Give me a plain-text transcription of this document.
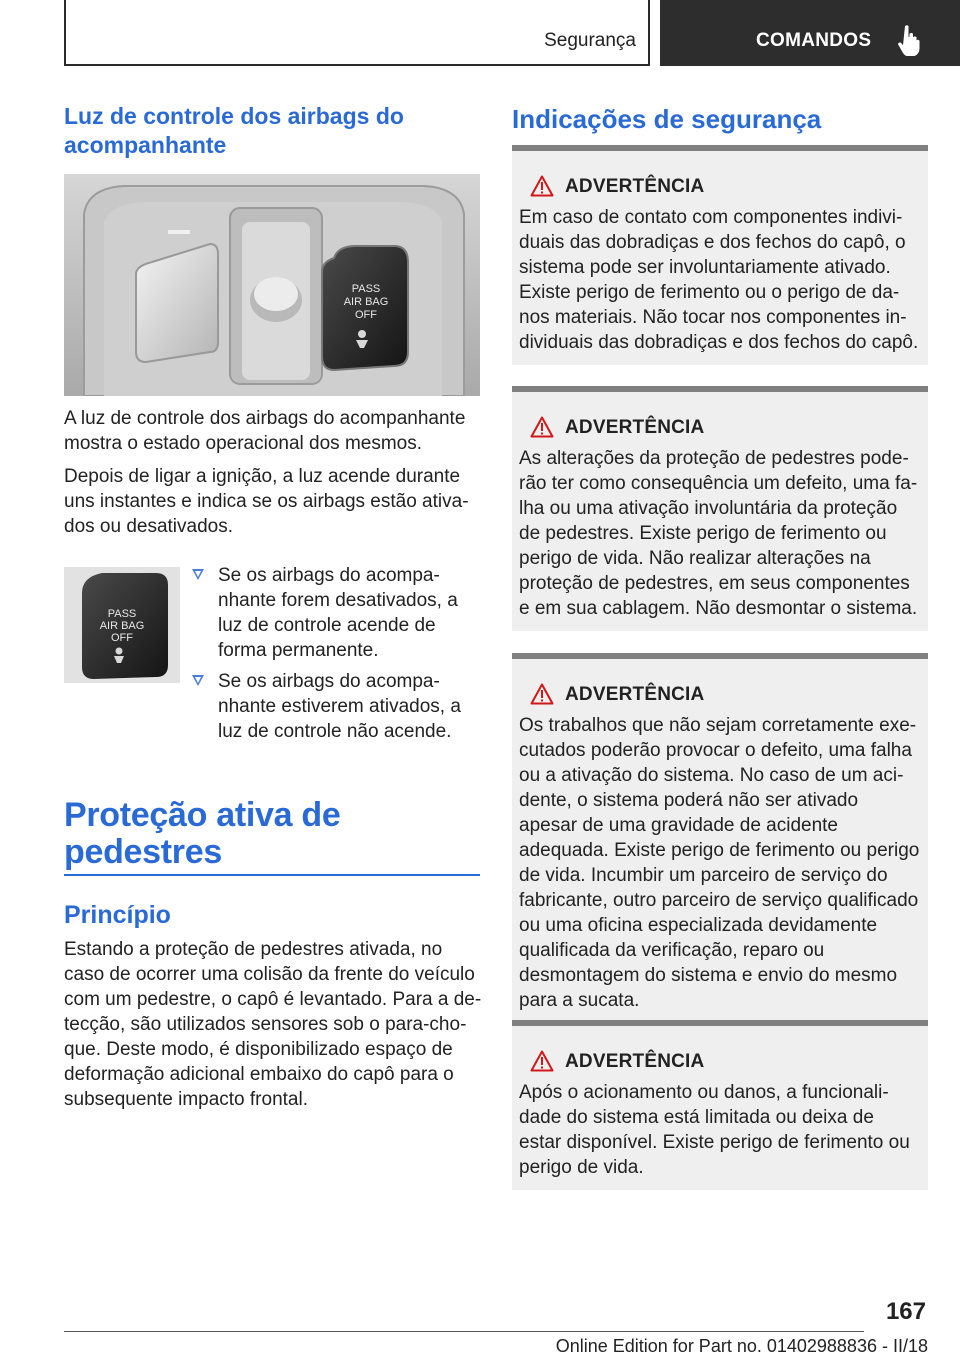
Segurança	COMANDOS
Luz de controle dos airbags do acompanhante
PASS
AIR BAG
OFF

A luz de controle dos airbags do acompanhante mostra o estado operacional dos mesmos.

Depois de ligar a ignição, a luz acende durante uns instantes e indica se os airbags estão ativados ou desativados.

PASS
AIR BAG
OFF
Se os airbags do acompanhante forem desativados, a luz de controle acende de forma permanente.
Se os airbags do acompanhante estiverem ativados, a luz de controle não acende.
Proteção ativa de pedestres
Princípio

Estando a proteção de pedestres ativada, no caso de ocorrer uma colisão da frente do veículo com um pedestre, o capô é levantado. Para a detecção, são utilizados sensores sob o para-choque. Deste modo, é disponibilizado espaço de deformação adicional embaixo do capô para o subsequente impacto frontal.

Indicações de segurança
ADVERTÊNCIA

Em caso de contato com componentes individuais das dobradiças e dos fechos do capô, o sistema pode ser involuntariamente ativado. Existe perigo de ferimento ou o perigo de danos materiais. Não tocar nos componentes individuais das dobradiças e dos fechos do capô.

ADVERTÊNCIA

As alterações da proteção de pedestres poderão ter como consequência um defeito, uma falha ou uma ativação involuntária da proteção de pedestres. Existe perigo de ferimento ou perigo de vida. Não realizar alterações na proteção de pedestres, em seus componentes e em sua cablagem. Não desmontar o sistema.

ADVERTÊNCIA

Os trabalhos que não sejam corretamente executados poderão provocar o defeito, uma falha ou a ativação do sistema. No caso de um acidente, o sistema poderá não ser ativado apesar de uma gravidade de acidente adequada. Existe perigo de ferimento ou perigo de vida. Incumbir um parceiro de serviço do fabricante, outro parceiro de serviço qualificado ou uma oficina especializada devidamente qualificada da verificação, reparo ou desmontagem do sistema e envio do mesmo para a sucata.

ADVERTÊNCIA

Após o acionamento ou danos, a funcionalidade do sistema está limitada ou deixa de estar disponível. Existe perigo de ferimento ou perigo de vida.

167
Online Edition for Part no. 01402988836 - II/18
